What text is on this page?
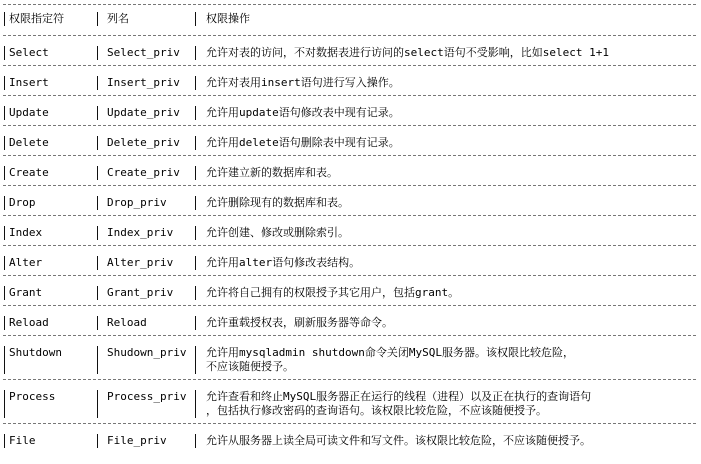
权限指定符	列名	权限操作
Select	Select_priv 允许对表的访问，不对数据表进行访问的select语句不受影响，比如select 1+1
Insert	Insert_priv 允许对表用insert语句进行写入操作。
Update	Update_priv 允许用update语句修改表中现有记录。
Delete	Delete_priv 允许用delete语句删除表中现有记录。
Create	Create_priv 允许建立新的数据库和表。
Drop	Drop_priv	允许删除现有的数据库和表。
Index	Index_priv	允许创建、修改或删除索引。
Alter	Alter_priv	允许用alter语句修改表结构。
Grant	Grant_priv	允许将自己拥有的权限授予其它用户，包括grant。
Reload	Reload	允许重载授权表，刷新服务器等命令。
Shutdown	Shudown_priv 允许用mysqladmin shutdown命令关闭MySQL服务器。该权限比较危险，
不应该随便授予。
Process	Process_priv 允许查看和终止MySQL服务器正在运行的线程（进程）以及正在执行的查询语句
，包括执行修改密码的查询语句。该权限比较危险，不应该随便授予。
File	File_priv	允许从服务器上读全局可读文件和写文件。该权限比较危险，不应该随便授予。
